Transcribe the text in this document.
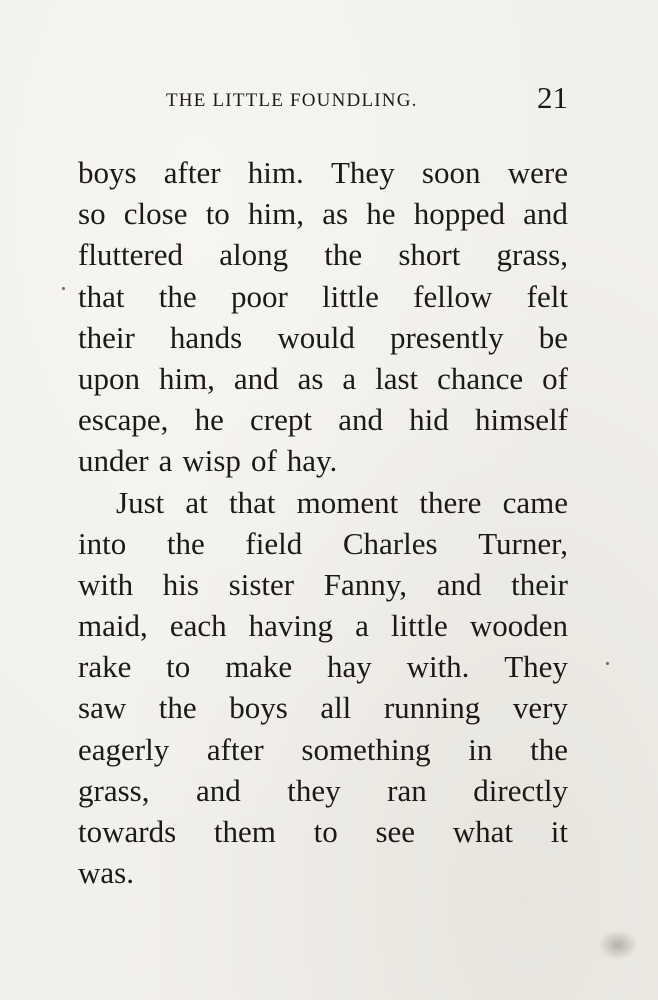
THE LITTLE FOUNDLING.	21
boys after him. They soon were
so close to him, as he hopped and
fluttered along the short grass,
that the poor little fellow felt
their hands would presently be
upon him, and as a last chance of
escape, he crept and hid himself
under a wisp of hay.
Just at that moment there came
into the field Charles Turner,
with his sister Fanny, and their
maid, each having a little wooden
rake to make hay with. They
saw the boys all running very
eagerly after something in the
grass, and they ran directly
towards them to see what it
was.
